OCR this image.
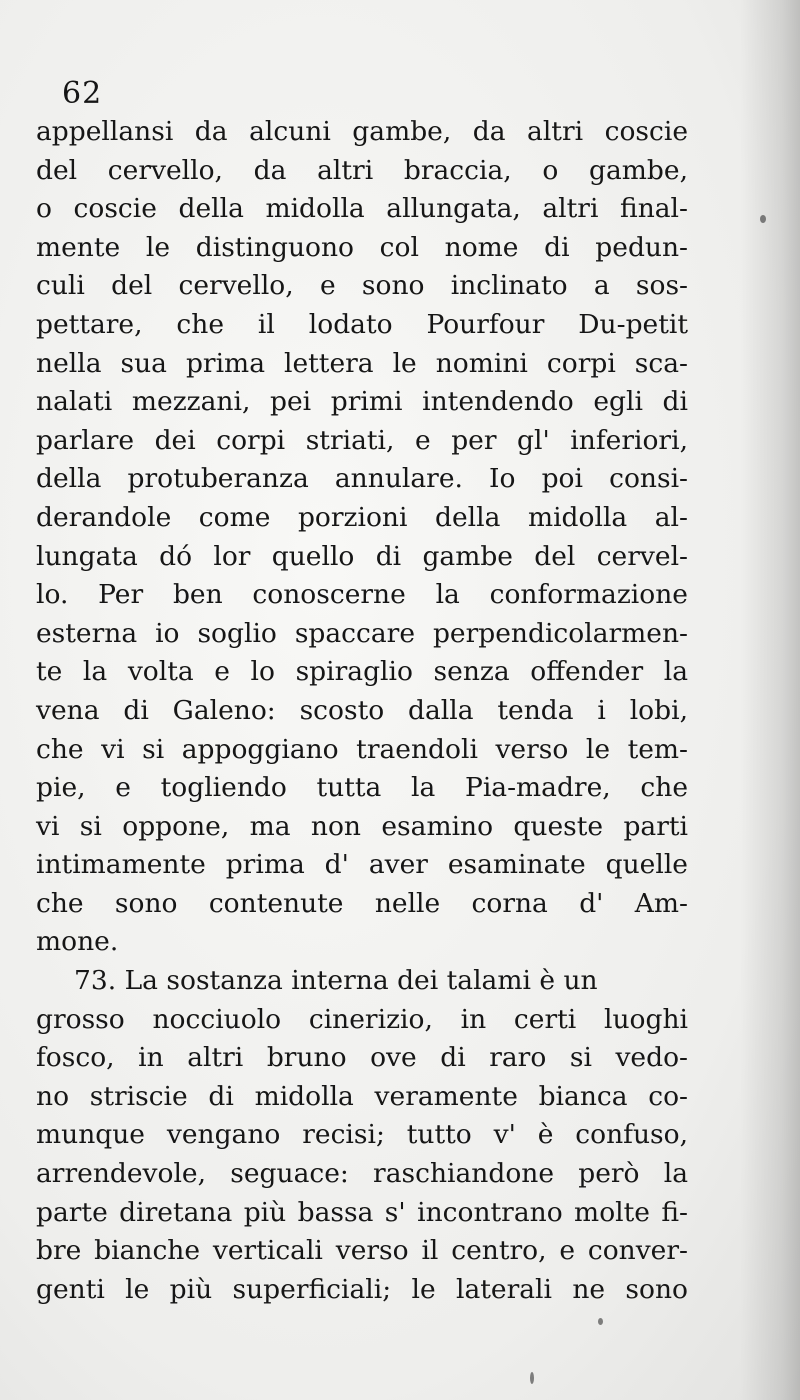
62
appellansi da alcuni gambe, da altri coscie
del cervello, da altri braccia, o gambe,
o coscie della midolla allungata, altri final-
mente le distinguono col nome di pedun-
culi del cervello, e sono inclinato a sos-
pettare, che il lodato Pourfour Du-petit
nella sua prima lettera le nomini corpi sca-
nalati mezzani, pei primi intendendo egli di
parlare dei corpi striati, e per gl' inferiori,
della protuberanza annulare. Io poi consi-
derandole come porzioni della midolla al-
lungata dó lor quello di gambe del cervel-
lo. Per ben conoscerne la conformazione
esterna io soglio spaccare perpendicolarmen-
te la volta e lo spiraglio senza offender la
vena di Galeno: scosto dalla tenda i lobi,
che vi si appoggiano traendoli verso le tem-
pie, e togliendo tutta la Pia-madre, che
vi si oppone, ma non esamino queste parti
intimamente prima d' aver esaminate quelle
che sono contenute nelle corna d' Am-
mone.
73. La sostanza interna dei talami è un
grosso nocciuolo cinerizio, in certi luoghi
fosco, in altri bruno ove di raro si vedo-
no striscie di midolla veramente bianca co-
munque vengano recisi; tutto v' è confuso,
arrendevole, seguace: raschiandone però la
parte diretana più bassa s' incontrano molte fi-
bre bianche verticali verso il centro, e conver-
genti le più superficiali; le laterali ne sono
